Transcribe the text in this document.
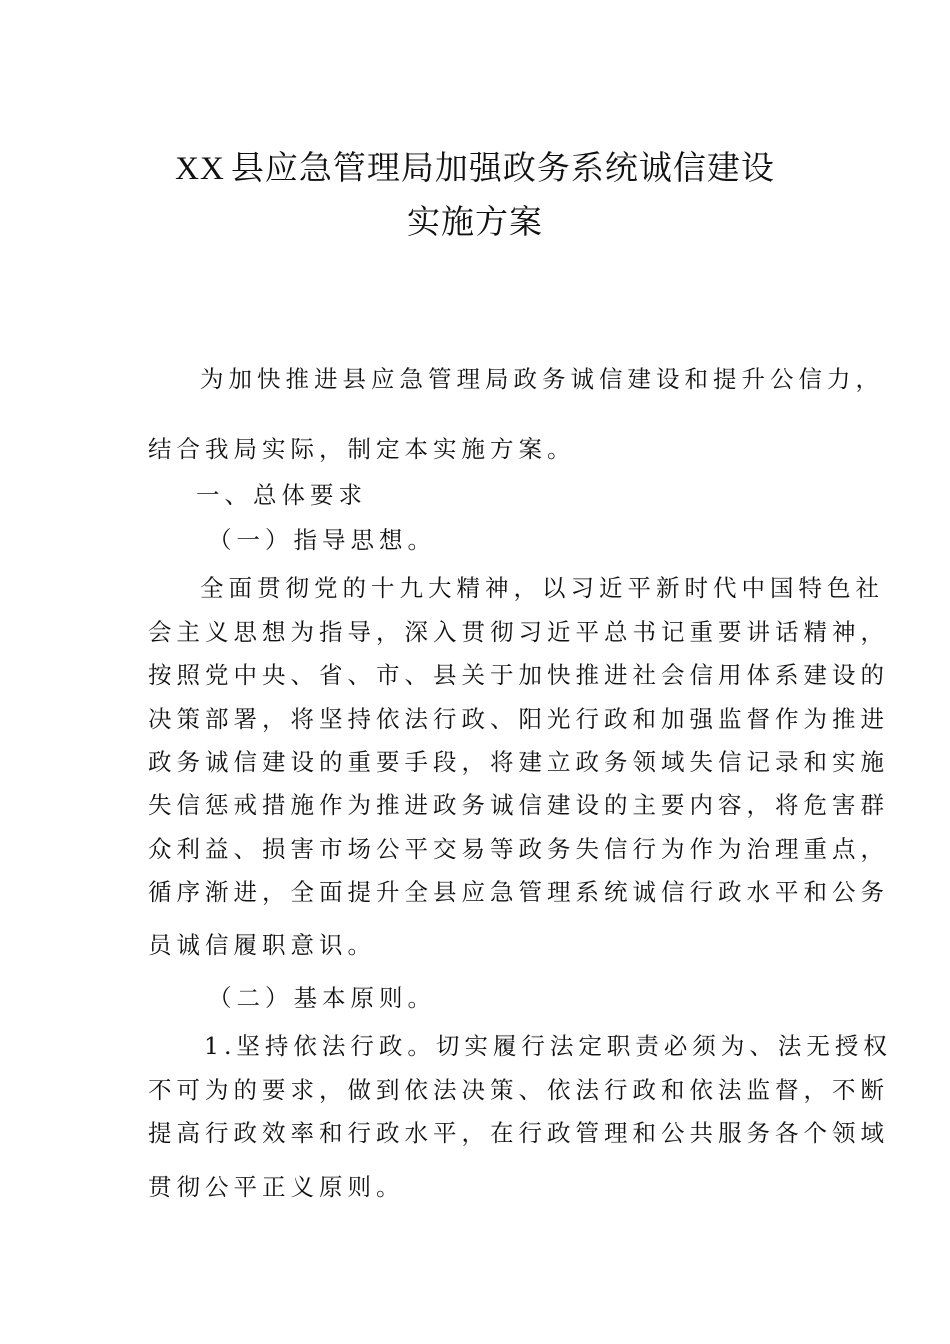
XX 县应急管理局加强政务系统诚信建设
实施方案
为加快推进县应急管理局政务诚信建设和提升公信力，
结合我局实际，制定本实施方案。
一、总体要求
（一）指导思想。
全面贯彻党的十九大精神，以习近平新时代中国特色社
会主义思想为指导，深入贯彻习近平总书记重要讲话精神，
按照党中央、省、市、县关于加快推进社会信用体系建设的
决策部署，将坚持依法行政、阳光行政和加强监督作为推进
政务诚信建设的重要手段，将建立政务领域失信记录和实施
失信惩戒措施作为推进政务诚信建设的主要内容，将危害群
众利益、损害市场公平交易等政务失信行为作为治理重点，
循序渐进，全面提升全县应急管理系统诚信行政水平和公务
员诚信履职意识。
（二）基本原则。
1.坚持依法行政。切实履行法定职责必须为、法无授权
不可为的要求，做到依法决策、依法行政和依法监督，不断
提高行政效率和行政水平，在行政管理和公共服务各个领域
贯彻公平正义原则。
